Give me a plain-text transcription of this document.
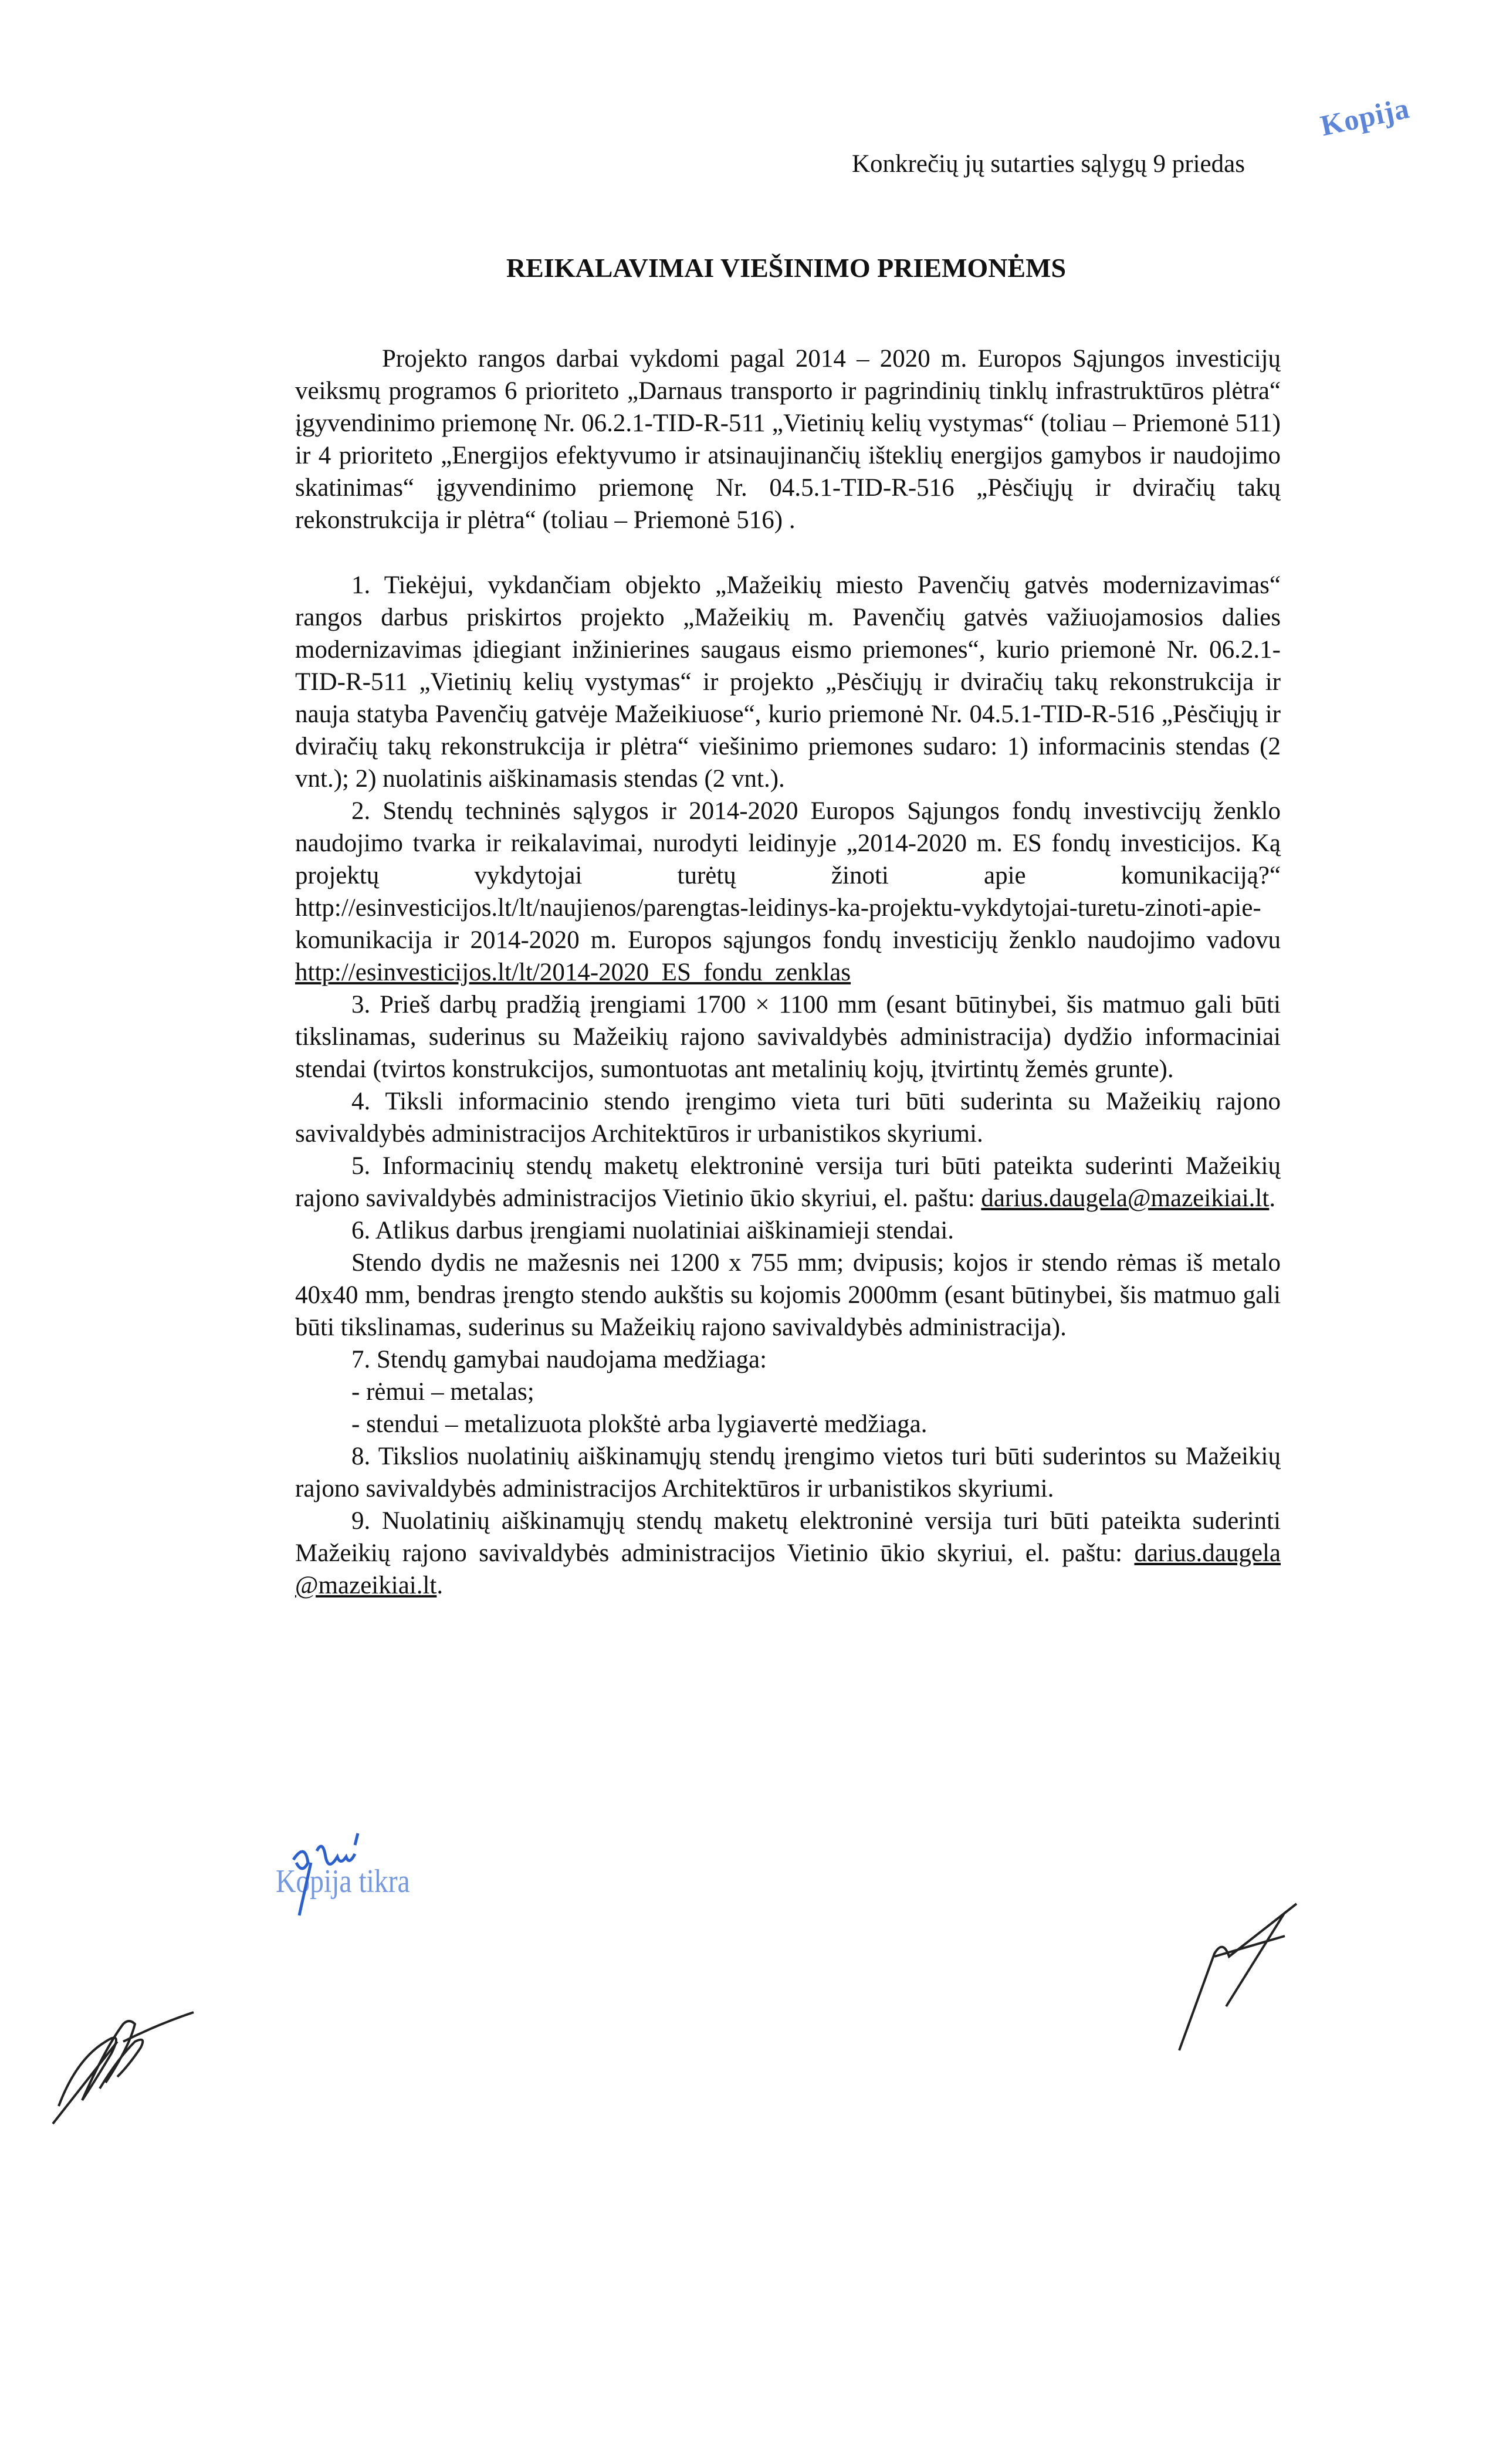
Kopija
Konkrečių jų sutarties sąlygų 9 priedas
REIKALAVIMAI VIEŠINIMO PRIEMONĖMS

Projekto rangos darbai vykdomi pagal 2014 – 2020 m. Europos Sąjungos investicijų veiksmų programos 6 prioriteto „Darnaus transporto ir pagrindinių tinklų infrastruktūros plėtra“ įgyvendinimo priemonę Nr. 06.2.1-TID-R-511 „Vietinių kelių vystymas“ (toliau – Priemonė 511) ir 4 prioriteto „Energijos efektyvumo ir atsinaujinančių išteklių energijos gamybos ir naudojimo skatinimas“ įgyvendinimo priemonę Nr. 04.5.1-TID-R-516 „Pėsčiųjų ir dviračių takų rekonstrukcija ir plėtra“ (toliau – Priemonė 516) .

1. Tiekėjui, vykdančiam objekto „Mažeikių miesto Pavenčių gatvės modernizavimas“ rangos darbus priskirtos projekto „Mažeikių m. Pavenčių gatvės važiuojamosios dalies modernizavimas įdiegiant inžinierines saugaus eismo priemones“, kurio priemonė Nr. 06.2.1-TID-R-511 „Vietinių kelių vystymas“ ir projekto „Pėsčiųjų ir dviračių takų rekonstrukcija ir nauja statyba Pavenčių gatvėje Mažeikiuose“, kurio priemonė Nr. 04.5.1-TID-R-516 „Pėsčiųjų ir dviračių takų rekonstrukcija ir plėtra“ viešinimo priemones sudaro: 1) informacinis stendas (2 vnt.); 2) nuolatinis aiškinamasis stendas (2 vnt.).

2. Stendų techninės sąlygos ir 2014-2020 Europos Sąjungos fondų investivcijų ženklo naudojimo tvarka ir reikalavimai, nurodyti leidinyje „2014-2020 m. ES fondų investicijos. Ką projektų vykdytojai turėtų žinoti apie komunikaciją?“ http://esinvesticijos.lt/lt/naujienos/parengtas-leidinys-ka-projektu-vykdytojai-turetu-zinoti-apie-komunikacija ir 2014-2020 m. Europos sąjungos fondų investicijų ženklo naudojimo vadovu http://esinvesticijos.lt/lt/2014-2020_ES_fondu_zenklas

3. Prieš darbų pradžią įrengiami 1700 × 1100 mm (esant būtinybei, šis matmuo gali būti tikslinamas, suderinus su Mažeikių rajono savivaldybės administracija) dydžio informaciniai stendai (tvirtos konstrukcijos, sumontuotas ant metalinių kojų, įtvirtintų žemės grunte).

4. Tiksli informacinio stendo įrengimo vieta turi būti suderinta su Mažeikių rajono savivaldybės administracijos Architektūros ir urbanistikos skyriumi.

5. Informacinių stendų maketų elektroninė versija turi būti pateikta suderinti Mažeikių rajono savivaldybės administracijos Vietinio ūkio skyriui, el. paštu: darius.daugela@mazeikiai.lt.

6. Atlikus darbus įrengiami nuolatiniai aiškinamieji stendai.

Stendo dydis ne mažesnis nei 1200 x 755 mm; dvipusis; kojos ir stendo rėmas iš metalo 40x40 mm, bendras įrengto stendo aukštis su kojomis 2000mm (esant būtinybei, šis matmuo gali būti tikslinamas, suderinus su Mažeikių rajono savivaldybės administracija).

7. Stendų gamybai naudojama medžiaga:

- rėmui – metalas;

- stendui – metalizuota plokštė arba lygiavertė medžiaga.

8. Tikslios nuolatinių aiškinamųjų stendų įrengimo vietos turi būti suderintos su Mažeikių rajono savivaldybės administracijos Architektūros ir urbanistikos skyriumi.

9. Nuolatinių aiškinamųjų stendų maketų elektroninė versija turi būti pateikta suderinti Mažeikių rajono savivaldybės administracijos Vietinio ūkio skyriui, el. paštu: darius.daugela @mazeikiai.lt.

Kopija tikra
